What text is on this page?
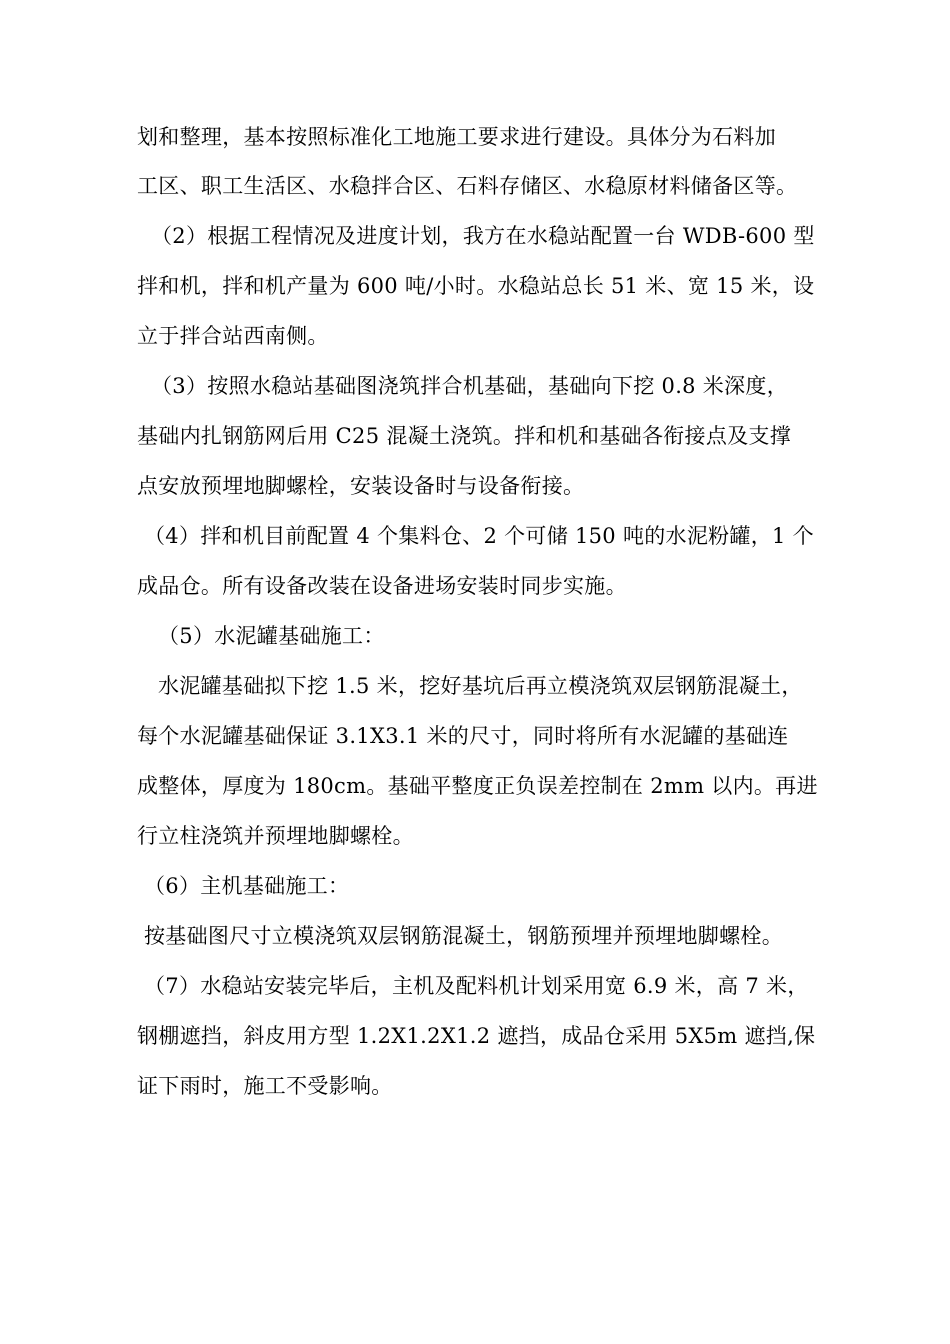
划和整理，基本按照标准化工地施工要求进行建设。具体分为石料加
工区、职工生活区、水稳拌合区、石料存储区、水稳原材料储备区等。
（2）根据工程情况及进度计划，我方在水稳站配置一台 WDB-600 型
拌和机，拌和机产量为 600 吨/小时。水稳站总长 51 米、宽 15 米，设
立于拌合站西南侧。
（3）按照水稳站基础图浇筑拌合机基础，基础向下挖 0.8 米深度，
基础内扎钢筋网后用 C25 混凝土浇筑。拌和机和基础各衔接点及支撑
点安放预埋地脚螺栓，安装设备时与设备衔接。
（4）拌和机目前配置 4 个集料仓、2 个可储 150 吨的水泥粉罐，1 个
成品仓。所有设备改装在设备进场安装时同步实施。
（5）水泥罐基础施工：
水泥罐基础拟下挖 1.5 米，挖好基坑后再立模浇筑双层钢筋混凝土，
每个水泥罐基础保证 3.1X3.1 米的尺寸，同时将所有水泥罐的基础连
成整体，厚度为 180cm。基础平整度正负误差控制在 2mm 以内。再进
行立柱浇筑并预埋地脚螺栓。
（6）主机基础施工：
按基础图尺寸立模浇筑双层钢筋混凝土，钢筋预埋并预埋地脚螺栓。
（7）水稳站安装完毕后，主机及配料机计划采用宽 6.9 米，高 7 米，
钢棚遮挡，斜皮用方型 1.2X1.2X1.2 遮挡，成品仓采用 5X5m 遮挡,保
证下雨时，施工不受影响。
